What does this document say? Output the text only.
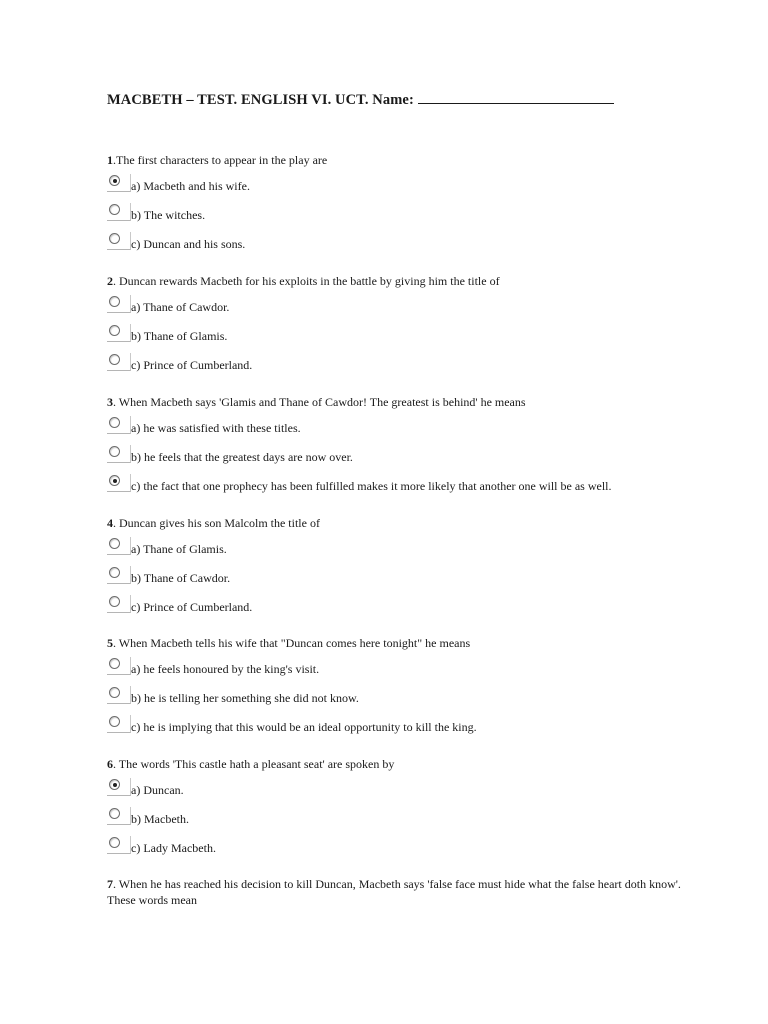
MACBETH – TEST. ENGLISH VI. UCT. Name:
1.The first characters to appear in the play are
a) Macbeth and his wife.
b) The witches.
c) Duncan and his sons.
2. Duncan rewards Macbeth for his exploits in the battle by giving him the title of
a) Thane of Cawdor.
b) Thane of Glamis.
c) Prince of Cumberland.
3. When Macbeth says 'Glamis and Thane of Cawdor! The greatest is behind' he means
a) he was satisfied with these titles.
b) he feels that the greatest days are now over.
c) the fact that one prophecy has been fulfilled makes it more likely that another one will be as well.
4. Duncan gives his son Malcolm the title of
a) Thane of Glamis.
b) Thane of Cawdor.
c) Prince of Cumberland.
5. When Macbeth tells his wife that "Duncan comes here tonight" he means
a) he feels honoured by the king's visit.
b) he is telling her something she did not know.
c) he is implying that this would be an ideal opportunity to kill the king.
6. The words 'This castle hath a pleasant seat' are spoken by
a) Duncan.
b) Macbeth.
c) Lady Macbeth.
7. When he has reached his decision to kill Duncan, Macbeth says 'false face must hide what the false heart doth know'. These words mean
